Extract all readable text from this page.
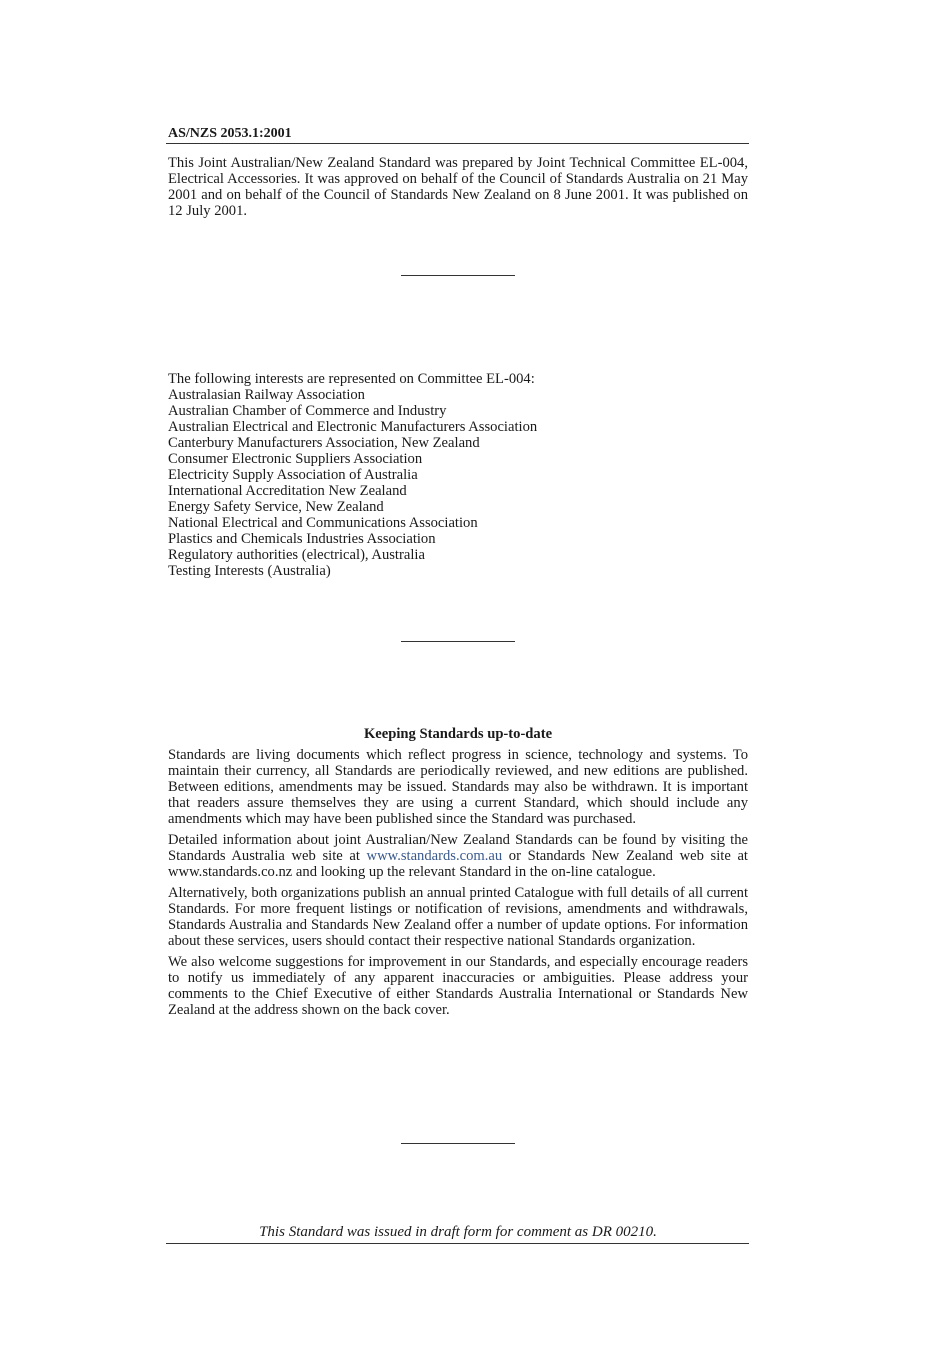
AS/NZS 2053.1:2001

This Joint Australian/New Zealand Standard was prepared by Joint Technical Committee EL-004, Electrical Accessories. It was approved on behalf of the Council of Standards Australia on 21 May 2001 and on behalf of the Council of Standards New Zealand on 8 June 2001. It was published on 12 July 2001.

The following interests are represented on Committee EL-004:
Australasian Railway Association
Australian Chamber of Commerce and Industry
Australian Electrical and Electronic Manufacturers Association
Canterbury Manufacturers Association, New Zealand
Consumer Electronic Suppliers Association
Electricity Supply Association of Australia
International Accreditation New Zealand
Energy Safety Service, New Zealand
National Electrical and Communications Association
Plastics and Chemicals Industries Association
Regulatory authorities (electrical), Australia
Testing Interests (Australia)
Keeping Standards up-to-date

Standards are living documents which reflect progress in science, technology and systems. To maintain their currency, all Standards are periodically reviewed, and new editions are published. Between editions, amendments may be issued. Standards may also be withdrawn. It is important that readers assure themselves they are using a current Standard, which should include any amendments which may have been published since the Standard was purchased.

Detailed information about joint Australian/New Zealand Standards can be found by visiting the Standards Australia web site at www.standards.com.au or Standards New Zealand web site at www.standards.co.nz and looking up the relevant Standard in the on-line catalogue.

Alternatively, both organizations publish an annual printed Catalogue with full details of all current Standards. For more frequent listings or notification of revisions, amendments and withdrawals, Standards Australia and Standards New Zealand offer a number of update options. For information about these services, users should contact their respective national Standards organization.

We also welcome suggestions for improvement in our Standards, and especially encourage readers to notify us immediately of any apparent inaccuracies or ambiguities. Please address your comments to the Chief Executive of either Standards Australia International or Standards New Zealand at the address shown on the back cover.

This Standard was issued in draft form for comment as DR 00210.
